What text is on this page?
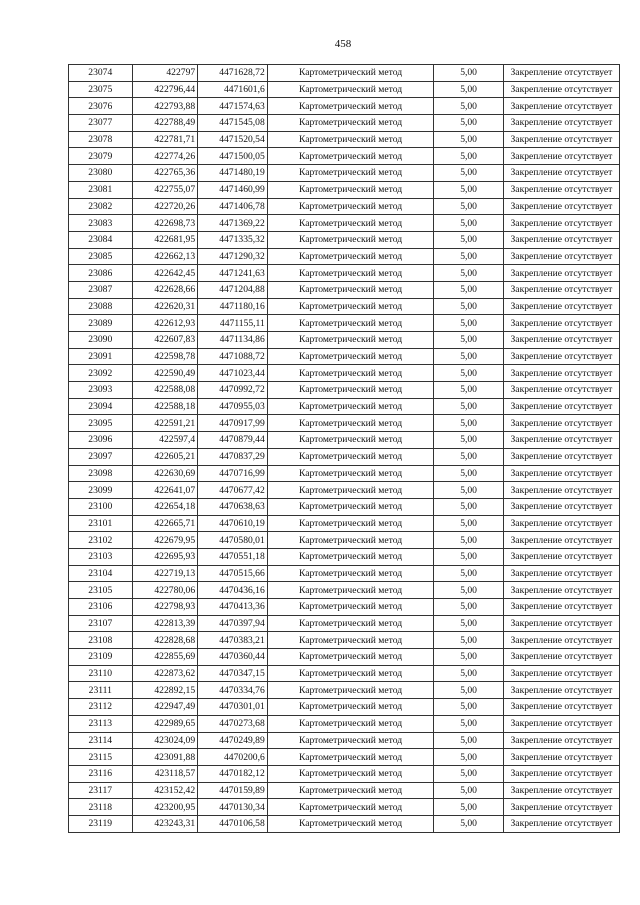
458
23074	422797	4471628,72	Картометрический метод	5,00	Закрепление отсутствует
23075	422796,44	4471601,6	Картометрический метод	5,00	Закрепление отсутствует
23076	422793,88	4471574,63	Картометрический метод	5,00	Закрепление отсутствует
23077	422788,49	4471545,08	Картометрический метод	5,00	Закрепление отсутствует
23078	422781,71	4471520,54	Картометрический метод	5,00	Закрепление отсутствует
23079	422774,26	4471500,05	Картометрический метод	5,00	Закрепление отсутствует
23080	422765,36	4471480,19	Картометрический метод	5,00	Закрепление отсутствует
23081	422755,07	4471460,99	Картометрический метод	5,00	Закрепление отсутствует
23082	422720,26	4471406,78	Картометрический метод	5,00	Закрепление отсутствует
23083	422698,73	4471369,22	Картометрический метод	5,00	Закрепление отсутствует
23084	422681,95	4471335,32	Картометрический метод	5,00	Закрепление отсутствует
23085	422662,13	4471290,32	Картометрический метод	5,00	Закрепление отсутствует
23086	422642,45	4471241,63	Картометрический метод	5,00	Закрепление отсутствует
23087	422628,66	4471204,88	Картометрический метод	5,00	Закрепление отсутствует
23088	422620,31	4471180,16	Картометрический метод	5,00	Закрепление отсутствует
23089	422612,93	4471155,11	Картометрический метод	5,00	Закрепление отсутствует
23090	422607,83	4471134,86	Картометрический метод	5,00	Закрепление отсутствует
23091	422598,78	4471088,72	Картометрический метод	5,00	Закрепление отсутствует
23092	422590,49	4471023,44	Картометрический метод	5,00	Закрепление отсутствует
23093	422588,08	4470992,72	Картометрический метод	5,00	Закрепление отсутствует
23094	422588,18	4470955,03	Картометрический метод	5,00	Закрепление отсутствует
23095	422591,21	4470917,99	Картометрический метод	5,00	Закрепление отсутствует
23096	422597,4	4470879,44	Картометрический метод	5,00	Закрепление отсутствует
23097	422605,21	4470837,29	Картометрический метод	5,00	Закрепление отсутствует
23098	422630,69	4470716,99	Картометрический метод	5,00	Закрепление отсутствует
23099	422641,07	4470677,42	Картометрический метод	5,00	Закрепление отсутствует
23100	422654,18	4470638,63	Картометрический метод	5,00	Закрепление отсутствует
23101	422665,71	4470610,19	Картометрический метод	5,00	Закрепление отсутствует
23102	422679,95	4470580,01	Картометрический метод	5,00	Закрепление отсутствует
23103	422695,93	4470551,18	Картометрический метод	5,00	Закрепление отсутствует
23104	422719,13	4470515,66	Картометрический метод	5,00	Закрепление отсутствует
23105	422780,06	4470436,16	Картометрический метод	5,00	Закрепление отсутствует
23106	422798,93	4470413,36	Картометрический метод	5,00	Закрепление отсутствует
23107	422813,39	4470397,94	Картометрический метод	5,00	Закрепление отсутствует
23108	422828,68	4470383,21	Картометрический метод	5,00	Закрепление отсутствует
23109	422855,69	4470360,44	Картометрический метод	5,00	Закрепление отсутствует
23110	422873,62	4470347,15	Картометрический метод	5,00	Закрепление отсутствует
23111	422892,15	4470334,76	Картометрический метод	5,00	Закрепление отсутствует
23112	422947,49	4470301,01	Картометрический метод	5,00	Закрепление отсутствует
23113	422989,65	4470273,68	Картометрический метод	5,00	Закрепление отсутствует
23114	423024,09	4470249,89	Картометрический метод	5,00	Закрепление отсутствует
23115	423091,88	4470200,6	Картометрический метод	5,00	Закрепление отсутствует
23116	423118,57	4470182,12	Картометрический метод	5,00	Закрепление отсутствует
23117	423152,42	4470159,89	Картометрический метод	5,00	Закрепление отсутствует
23118	423200,95	4470130,34	Картометрический метод	5,00	Закрепление отсутствует
23119	423243,31	4470106,58	Картометрический метод	5,00	Закрепление отсутствует
